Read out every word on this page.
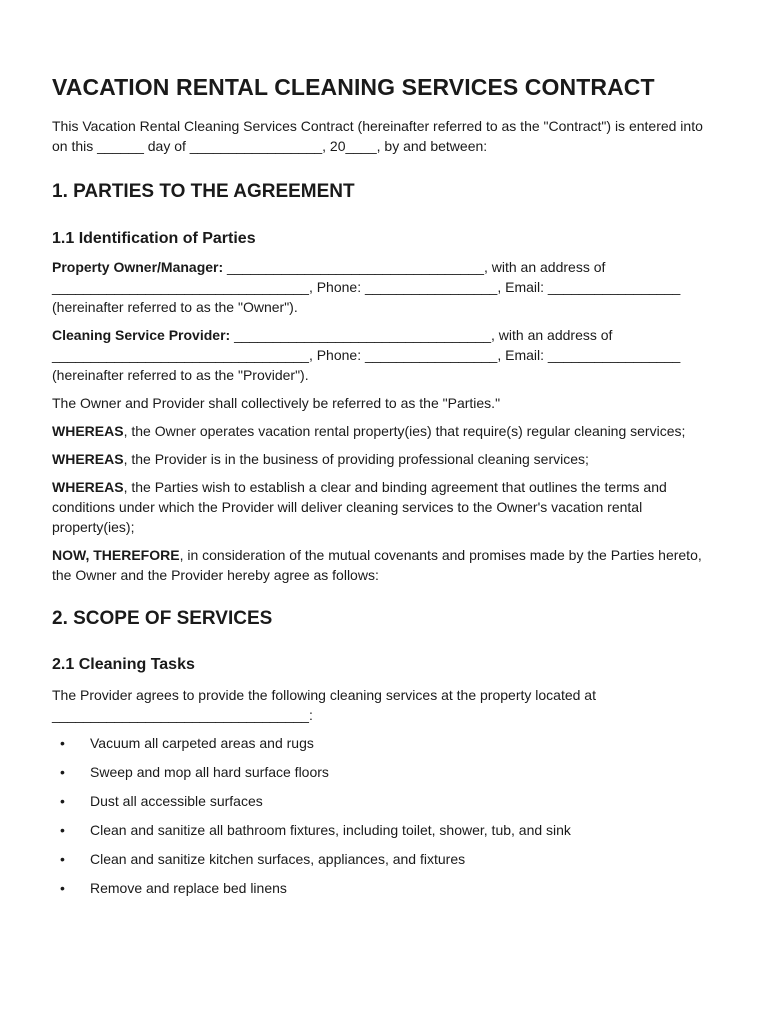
VACATION RENTAL CLEANING SERVICES CONTRACT

This Vacation Rental Cleaning Services Contract (hereinafter referred to as the "Contract") is entered into on this ______ day of _________________, 20____, by and between:

1. PARTIES TO THE AGREEMENT
1.1 Identification of Parties

Property Owner/Manager: _________________________________, with an address of _________________________________, Phone: _________________, Email: _________________ (hereinafter referred to as the "Owner").

Cleaning Service Provider: _________________________________, with an address of _________________________________, Phone: _________________, Email: _________________ (hereinafter referred to as the "Provider").

The Owner and Provider shall collectively be referred to as the "Parties."

WHEREAS, the Owner operates vacation rental property(ies) that require(s) regular cleaning services;

WHEREAS, the Provider is in the business of providing professional cleaning services;

WHEREAS, the Parties wish to establish a clear and binding agreement that outlines the terms and conditions under which the Provider will deliver cleaning services to the Owner's vacation rental property(ies);

NOW, THEREFORE, in consideration of the mutual covenants and promises made by the Parties hereto, the Owner and the Provider hereby agree as follows:

2. SCOPE OF SERVICES
2.1 Cleaning Tasks

The Provider agrees to provide the following cleaning services at the property located at _________________________________:

• Vacuum all carpeted areas and rugs
• Sweep and mop all hard surface floors
• Dust all accessible surfaces
• Clean and sanitize all bathroom fixtures, including toilet, shower, tub, and sink
• Clean and sanitize kitchen surfaces, appliances, and fixtures
• Remove and replace bed linens
